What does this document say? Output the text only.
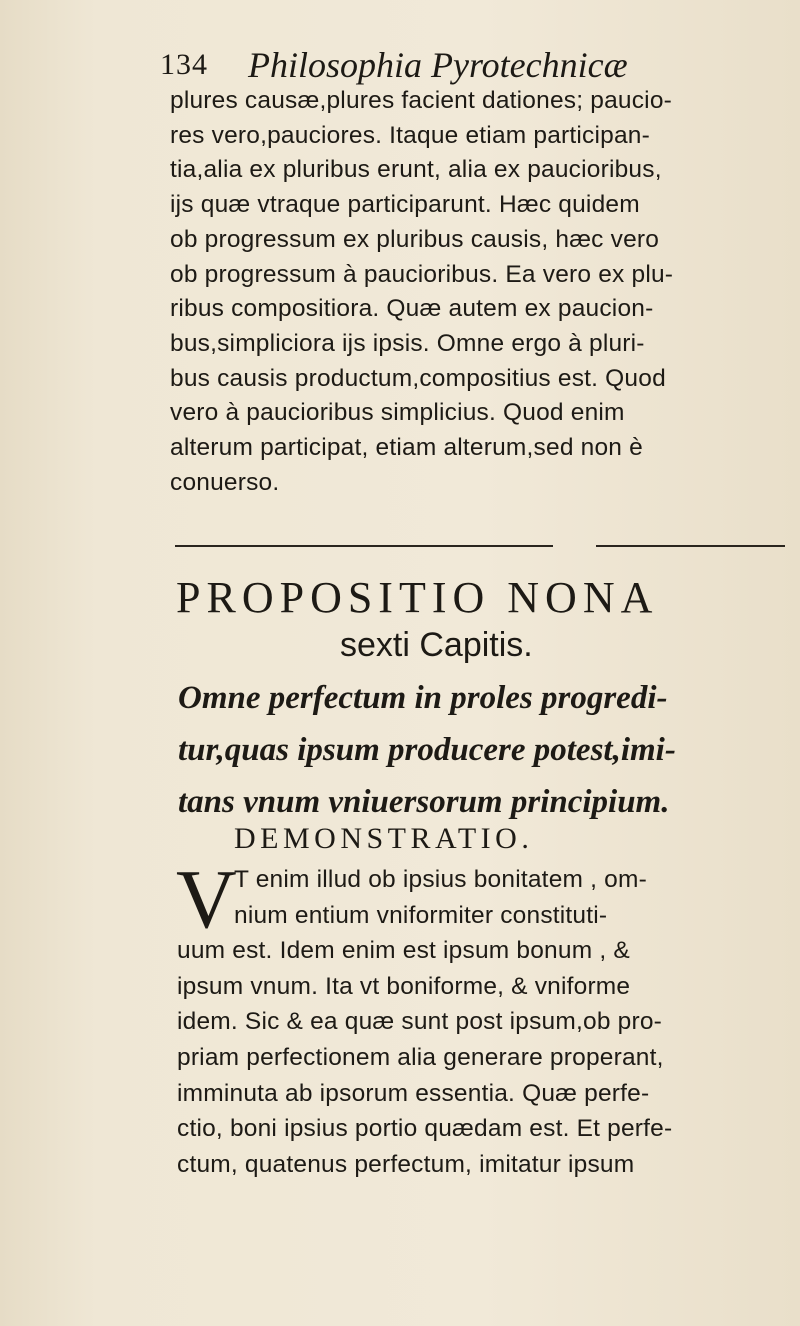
134 Philosophia Pyrotechnicæ
plures causæ,plures facient dationes; paucio-
res vero,pauciores. Itaque etiam participan-
tia,alia ex pluribus erunt, alia ex paucioribus,
ijs quæ vtraque participarunt. Hæc quidem
ob progressum ex pluribus causis, hæc vero
ob progressum à paucioribus. Ea vero ex plu-
ribus compositiora. Quæ autem ex paucion-
bus,simpliciora ijs ipsis. Omne ergo à pluri-
bus causis productum,compositius est. Quod
vero à paucioribus simplicius. Quod enim
alterum participat, etiam alterum,sed non è
conuerso.
PROPOSITIO NONA
sexti Capitis.
Omne perfectum in proles progredi-
tur,quas ipsum producere potest,imi-
tans vnum vniuersorum principium.
DEMONSTRATIO.
V
T enim illud ob ipsius bonitatem , om-
nium entium vniformiter constituti-
uum est. Idem enim est ipsum bonum , &
ipsum vnum. Ita vt boniforme, & vniforme
idem. Sic & ea quæ sunt post ipsum,ob pro-
priam perfectionem alia generare properant,
imminuta ab ipsorum essentia. Quæ perfe-
ctio, boni ipsius portio quædam est. Et perfe-
ctum, quatenus perfectum, imitatur ipsum
